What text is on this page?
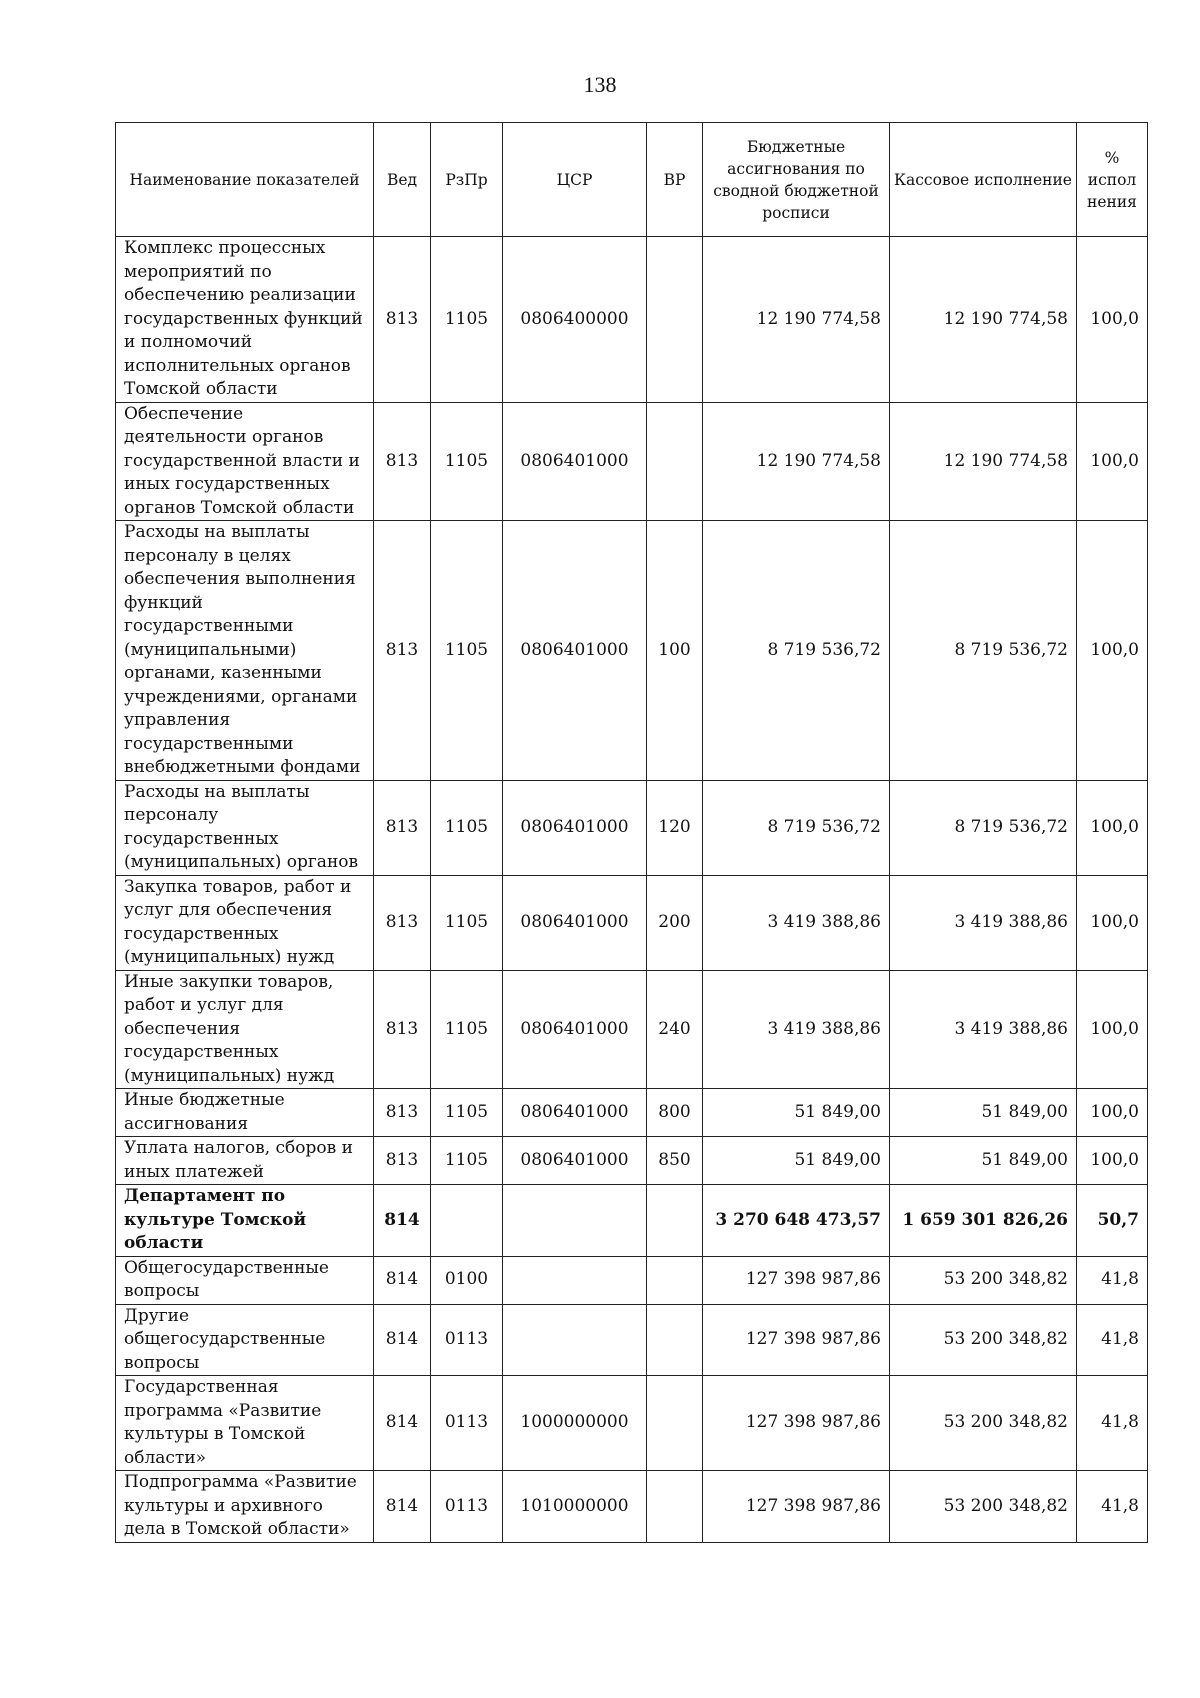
138
Наименование показателей	Вед	РзПр	ЦСР	ВР	Бюджетные ассигнования по сводной бюджетной росписи	Кассовое исполнение	% испол нения
Комплекс процессных мероприятий по обеспечению реализации государственных функций и полномочий исполнительных органов Томской области	813	1105	0806400000		12 190 774,58	12 190 774,58	100,0
Обеспечение деятельности органов государственной власти и иных государственных органов Томской области	813	1105	0806401000		12 190 774,58	12 190 774,58	100,0
Расходы на выплаты персоналу в целях обеспечения выполнения функций государственными (муниципальными) органами, казенными учреждениями, органами управления государственными внебюджетными фондами	813	1105	0806401000	100	8 719 536,72	8 719 536,72	100,0
Расходы на выплаты персоналу государственных (муниципальных) органов	813	1105	0806401000	120	8 719 536,72	8 719 536,72	100,0
Закупка товаров, работ и услуг для обеспечения государственных (муниципальных) нужд	813	1105	0806401000	200	3 419 388,86	3 419 388,86	100,0
Иные закупки товаров, работ и услуг для обеспечения государственных (муниципальных) нужд	813	1105	0806401000	240	3 419 388,86	3 419 388,86	100,0
Иные бюджетные ассигнования	813	1105	0806401000	800	51 849,00	51 849,00	100,0
Уплата налогов, сборов и иных платежей	813	1105	0806401000	850	51 849,00	51 849,00	100,0
Департамент по культуре Томской области	814				3 270 648 473,57	1 659 301 826,26	50,7
Общегосударственные вопросы	814	0100			127 398 987,86	53 200 348,82	41,8
Другие общегосударственные вопросы	814	0113			127 398 987,86	53 200 348,82	41,8
Государственная программа «Развитие культуры в Томской области»	814	0113	1000000000		127 398 987,86	53 200 348,82	41,8
Подпрограмма «Развитие культуры и архивного дела в Томской области»	814	0113	1010000000		127 398 987,86	53 200 348,82	41,8
